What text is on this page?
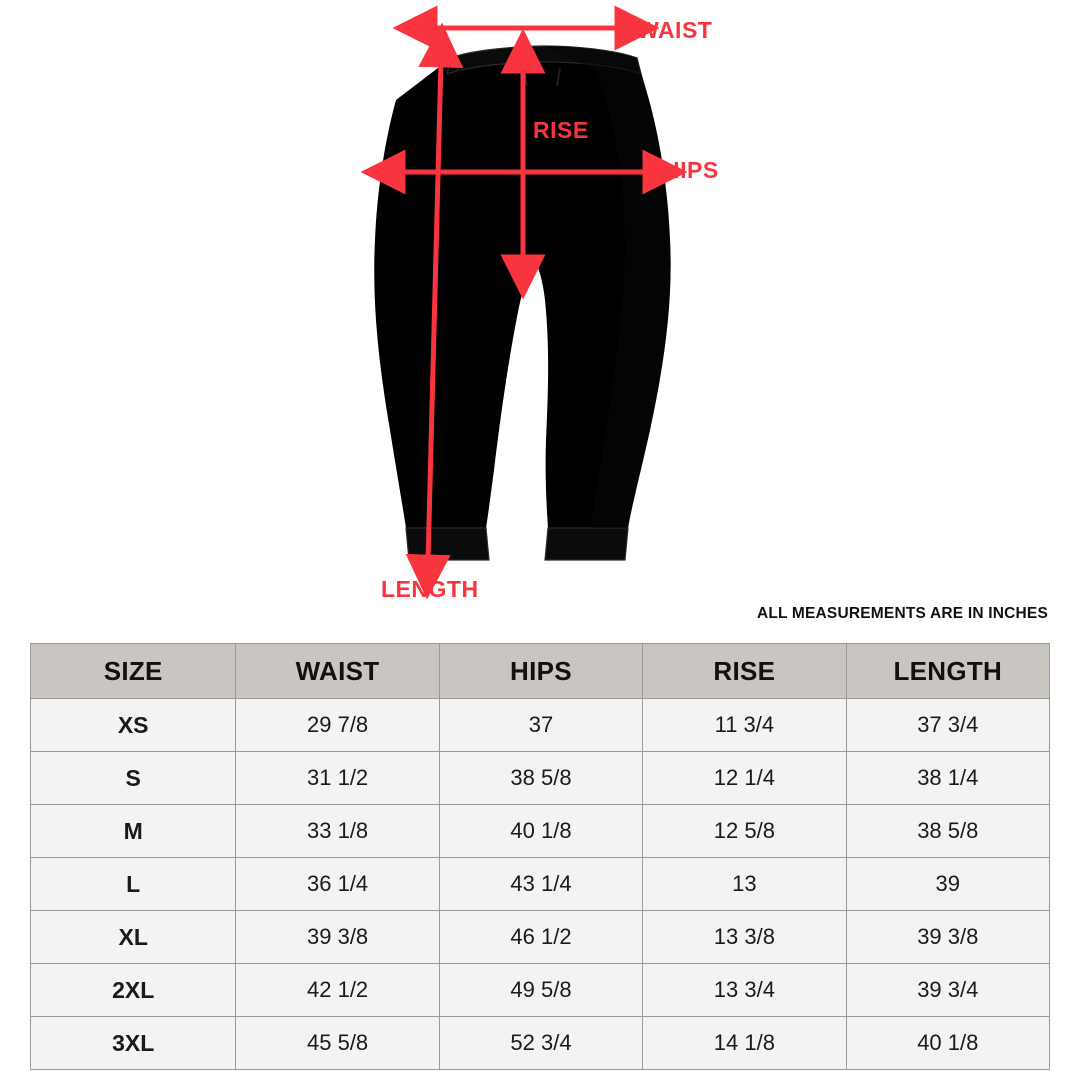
WAIST
RISE
HIPS
LENGTH
ALL MEASUREMENTS ARE IN INCHES
SIZE	WAIST	HIPS	RISE	LENGTH
XS	29 7/8	37	11 3/4	37 3/4
S	31 1/2	38 5/8	12 1/4	38 1/4
M	33 1/8	40 1/8	12 5/8	38 5/8
L	36 1/4	43 1/4	13	39
XL	39 3/8	46 1/2	13 3/8	39 3/8
2XL	42 1/2	49 5/8	13 3/4	39 3/4
3XL	45 5/8	52 3/4	14 1/8	40 1/8
